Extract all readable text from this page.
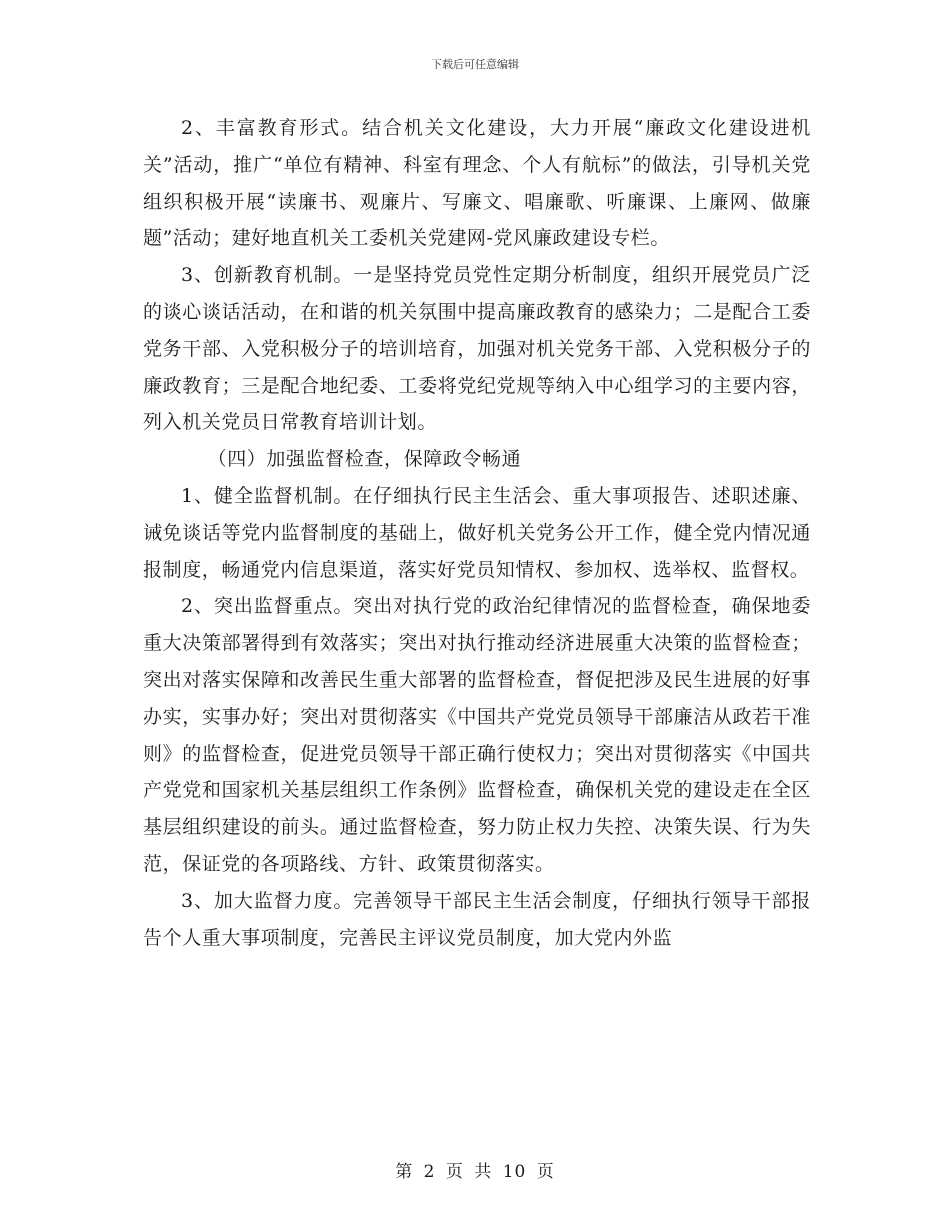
下载后可任意编辑

2、丰富教育形式。结合机关文化建设，大力开展“廉政文化建设进机关”活动，推广“单位有精神、科室有理念、个人有航标”的做法，引导机关党组织积极开展“读廉书、观廉片、写廉文、唱廉歌、听廉课、上廉网、做廉题”活动；建好地直机关工委机关党建网-党风廉政建设专栏。

3、创新教育机制。一是坚持党员党性定期分析制度，组织开展党员广泛的谈心谈话活动，在和谐的机关氛围中提高廉政教育的感染力；二是配合工委党务干部、入党积极分子的培训培育，加强对机关党务干部、入党积极分子的廉政教育；三是配合地纪委、工委将党纪党规等纳入中心组学习的主要内容，列入机关党员日常教育培训计划。

（四）加强监督检查，保障政令畅通

1、健全监督机制。在仔细执行民主生活会、重大事项报告、述职述廉、诫免谈话等党内监督制度的基础上，做好机关党务公开工作，健全党内情况通报制度，畅通党内信息渠道，落实好党员知情权、参加权、选举权、监督权。

2、突出监督重点。突出对执行党的政治纪律情况的监督检查，确保地委重大决策部署得到有效落实；突出对执行推动经济进展重大决策的监督检查；突出对落实保障和改善民生重大部署的监督检查，督促把涉及民生进展的好事办实，实事办好；突出对贯彻落实《中国共产党党员领导干部廉洁从政若干准则》的监督检查，促进党员领导干部正确行使权力；突出对贯彻落实《中国共产党党和国家机关基层组织工作条例》监督检查，确保机关党的建设走在全区基层组织建设的前头。通过监督检查，努力防止权力失控、决策失误、行为失范，保证党的各项路线、方针、政策贯彻落实。

3、加大监督力度。完善领导干部民主生活会制度，仔细执行领导干部报告个人重大事项制度，完善民主评议党员制度，加大党内外监

第 2 页 共 10 页
